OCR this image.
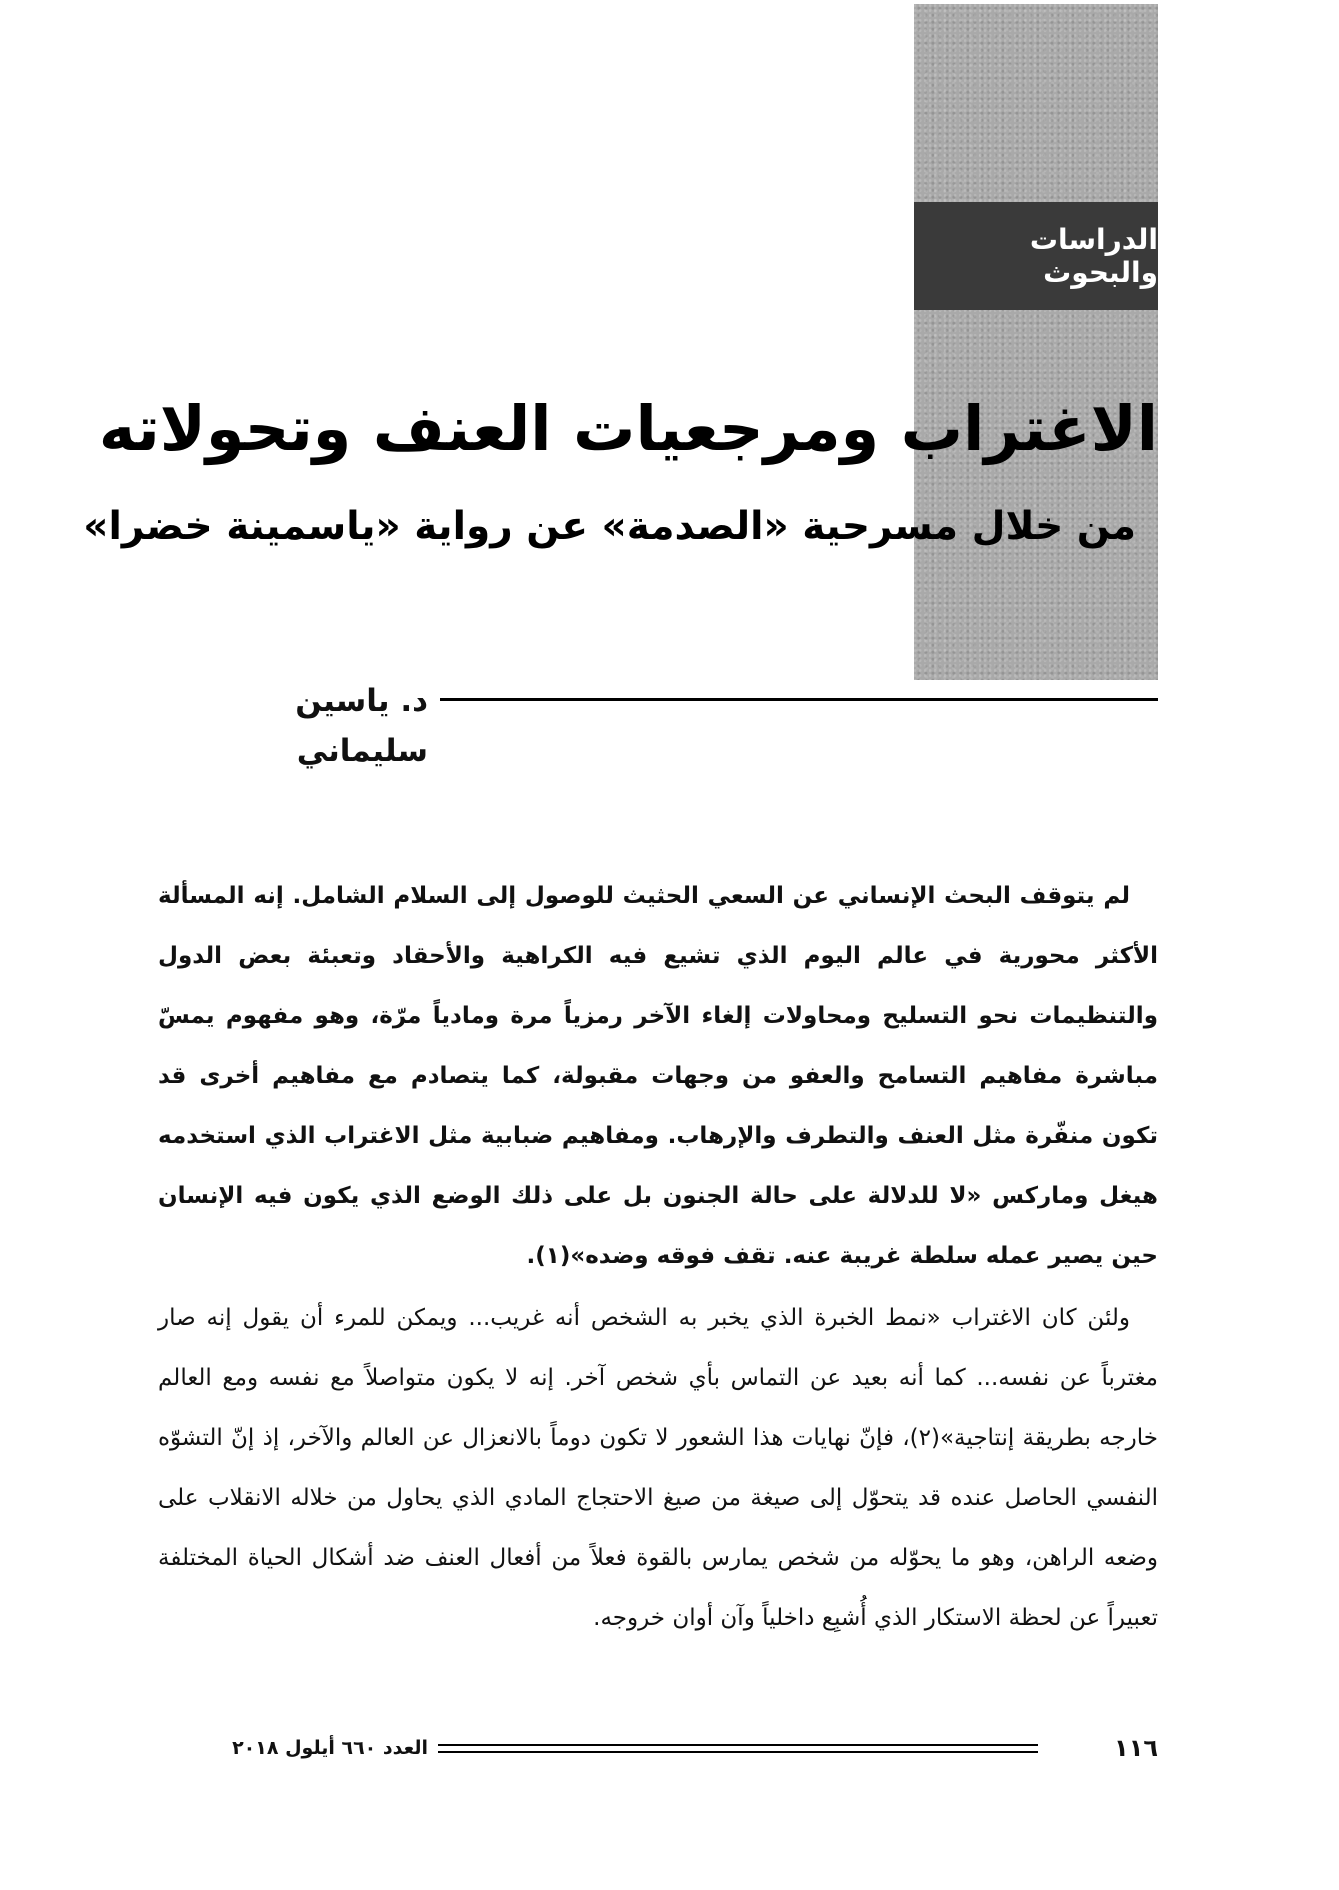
الدراسات والبحوث
الاغتراب ومرجعيات العنف وتحولاته
من خلال مسرحية «الصدمة» عن رواية «ياسمينة خضرا»
د. ياسين سليماني

لم يتوقف البحث الإنساني عن السعي الحثيث للوصول إلى السلام الشامل. إنه المسألة الأكثر محورية في عالم اليوم الذي تشيع فيه الكراهية والأحقاد وتعبئة بعض الدول والتنظيمات نحو التسليح ومحاولات إلغاء الآخر رمزياً مرة ومادياً مرّة، وهو مفهوم يمسّ مباشرة مفاهيم التسامح والعفو من وجهات مقبولة، كما يتصادم مع مفاهيم أخرى قد تكون منفّرة مثل العنف والتطرف والإرهاب. ومفاهيم ضبابية مثل الاغتراب الذي استخدمه هيغل وماركس «لا للدلالة على حالة الجنون بل على ذلك الوضع الذي يكون فيه الإنسان حين يصير عمله سلطة غريبة عنه. تقف فوقه وضده»(١).

ولئن كان الاغتراب «نمط الخبرة الذي يخبر به الشخص أنه غريب... ويمكن للمرء أن يقول إنه صار مغترباً عن نفسه... كما أنه بعيد عن التماس بأي شخص آخر. إنه لا يكون متواصلاً مع نفسه ومع العالم خارجه بطريقة إنتاجية»(٢)، فإنّ نهايات هذا الشعور لا تكون دوماً بالانعزال عن العالم والآخر، إذ إنّ التشوّه النفسي الحاصل عنده قد يتحوّل إلى صيغة من صيغ الاحتجاج المادي الذي يحاول من خلاله الانقلاب على وضعه الراهن، وهو ما يحوّله من شخص يمارس بالقوة فعلاً من أفعال العنف ضد أشكال الحياة المختلفة تعبيراً عن لحظة الاستكار الذي أُشبِع داخلياً وآن أوان خروجه.

العدد ٦٦٠ أيلول ٢٠١٨	١١٦
